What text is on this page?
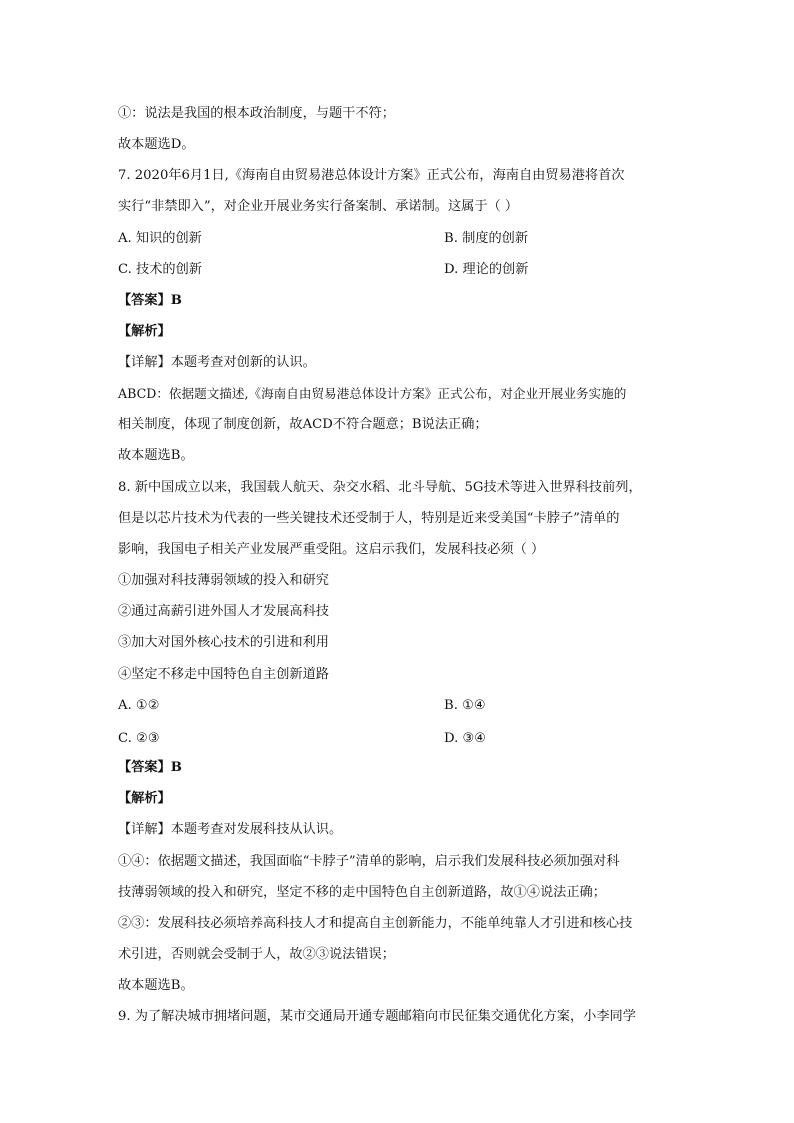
①：说法是我国的根本政治制度，与题干不符；
故本题选D。
7. 2020年6月1日,《海南自由贸易港总体设计方案》正式公布，海南自由贸易港将首次
实行“非禁即入”，对企业开展业务实行备案制、承诺制。这属于（ ）
A. 知识的创新	B. 制度的创新
C. 技术的创新	D. 理论的创新
【答案】B
【解析】
【详解】本题考查对创新的认识。
ABCD：依据题文描述,《海南自由贸易港总体设计方案》正式公布，对企业开展业务实施的
相关制度，体现了制度创新，故ACD不符合题意；B说法正确；
故本题选B。
8. 新中国成立以来，我国载人航天、杂交水稻、北斗导航、5G技术等进入世界科技前列，
但是以芯片技术为代表的一些关键技术还受制于人，特别是近来受美国“卡脖子”清单的
影响，我国电子相关产业发展严重受阻。这启示我们，发展科技必须（ ）
①加强对科技薄弱领域的投入和研究
②通过高薪引进外国人才发展高科技
③加大对国外核心技术的引进和利用
④坚定不移走中国特色自主创新道路
A. ①②	B. ①④
C. ②③	D. ③④
【答案】B
【解析】
【详解】本题考查对发展科技从认识。
①④：依据题文描述，我国面临“卡脖子”清单的影响，启示我们发展科技必须加强对科
技薄弱领域的投入和研究，坚定不移的走中国特色自主创新道路，故①④说法正确；
②③：发展科技必须培养高科技人才和提高自主创新能力，不能单纯靠人才引进和核心技
术引进，否则就会受制于人，故②③说法错误；
故本题选B。
9. 为了解决城市拥堵问题，某市交通局开通专题邮箱向市民征集交通优化方案，小李同学
